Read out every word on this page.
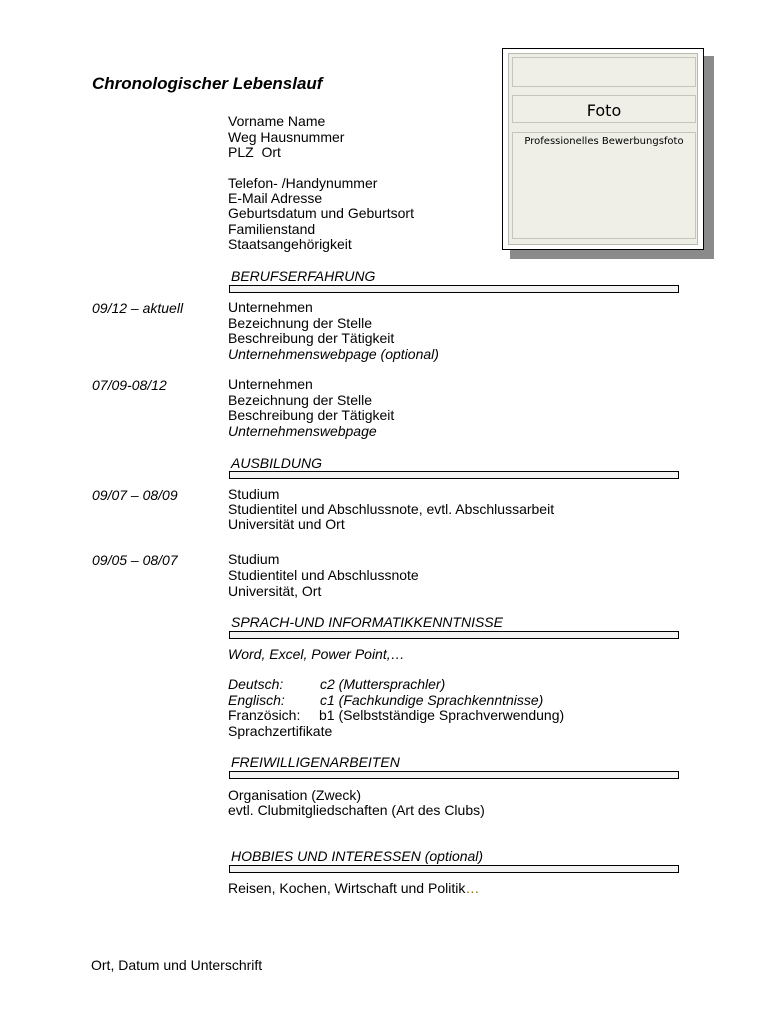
Chronologischer Lebenslauf
Foto
Professionelles Bewerbungsfoto
Vorname Name
Weg Hausnummer
PLZ  Ort
Telefon- /Handynummer
E-Mail Adresse
Geburtsdatum und Geburtsort
Familienstand
Staatsangehörigkeit
BERUFSERFAHRUNG
09/12 – aktuell	Unternehmen
Bezeichnung der Stelle
Beschreibung der Tätigkeit
Unternehmenswebpage (optional)
07/09-08/12	Unternehmen
Bezeichnung der Stelle
Beschreibung der Tätigkeit
Unternehmenswebpage
AUSBILDUNG
09/07 – 08/09	Studium
Studientitel und Abschlussnote, evtl. Abschlussarbeit
Universität und Ort
09/05 – 08/07	Studium
Studientitel und Abschlussnote
Universität, Ort
SPRACH-UND INFORMATIKKENNTNISSE
Word, Excel, Power Point,…
Deutsch:	c2 (Muttersprachler)
Englisch:	c1 (Fachkundige Sprachkenntnisse)
Französich: b1 (Selbstständige Sprachverwendung)
Sprachzertifikate
FREIWILLIGENARBEITEN
Organisation (Zweck)
evtl. Clubmitgliedschaften (Art des Clubs)
HOBBIES UND INTERESSEN (optional)
Reisen, Kochen, Wirtschaft und Politik…
Ort, Datum und Unterschrift
